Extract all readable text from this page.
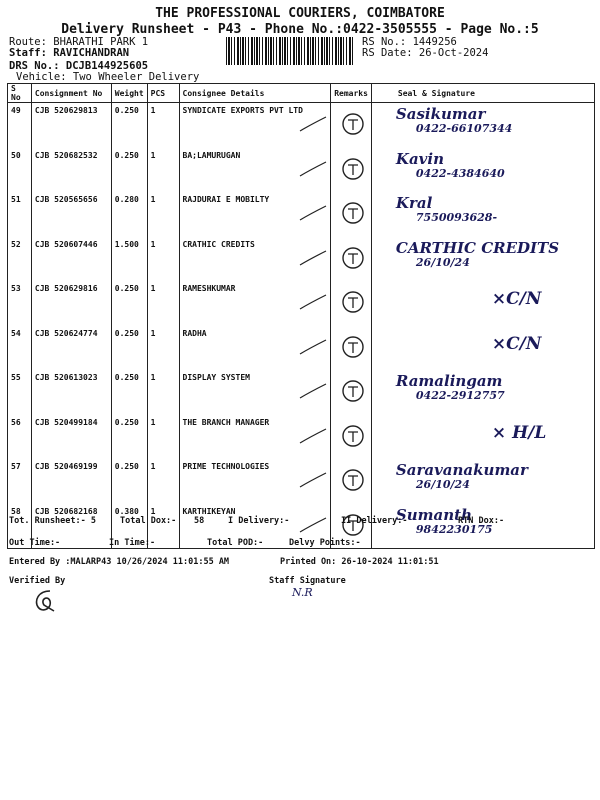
THE PROFESSIONAL COURIERS, COIMBATORE
Delivery Runsheet - P43 - Phone No.:0422-3505555 - Page No.:5
Route: BHARATHI PARK 1
Staff: RAVICHANDRAN
DRS No.: DCJB144925605
Vehicle: Two Wheeler Delivery
RS No.: 1449256
RS Date: 26-Oct-2024
S No	Consignment No	Weight	PCS	Consignee Details	Remarks	Seal & Signature
49	CJB 520629813	0.250	1	SYNDICATE EXPORTS PVT LTD		Sasikumar
0422-66107344

50	CJB 520682532	0.250	1	BA;LAMURUGAN		Kavin
0422-4384640

51	CJB 520565656	0.280	1	RAJDURAI E MOBILTY		Kral
7550093628-

52	CJB 520607446	1.500	1	CRATHIC CREDITS		CARTHIC CREDITS
26/10/24

53	CJB 520629816	0.250	1	RAMESHKUMAR		×C/N

54	CJB 520624774	0.250	1	RADHA		×C/N

55	CJB 520613023	0.250	1	DISPLAY SYSTEM		Ramalingam
0422-2912757

56	CJB 520499184	0.250	1	THE BRANCH MANAGER		× H/L

57	CJB 520469199	0.250	1	PRIME TECHNOLOGIES		Saravanakumar
26/10/24

58	CJB 520682168	0.380	1	KARTHIKEYAN		Sumanth
9842230175
Tot. Runsheet:- 5	Total Dox:- 58	I Delivery:-	II Delivery:-	RTN Dox:-
Out Time:-	In Time:-	Total POD:-	Delvy Points:-
Entered By :MALARP43 10/26/2024 11:01:55 AM	Printed On: 26-10-2024 11:01:51
Verified By	Staff Signature
N.R
